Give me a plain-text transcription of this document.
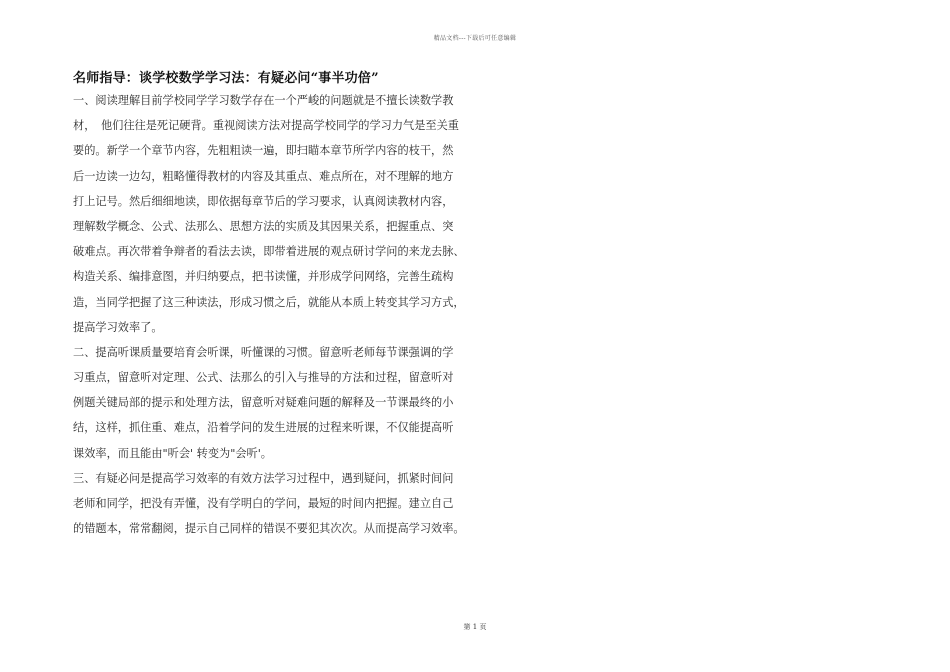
精品文档---下载后可任意编辑
名师指导：谈学校数学学习法：有疑必问“事半功倍”
一、阅读理解目前学校同学学习数学存在一个严峻的问题就是不擅长读数学教
材，　他们往往是死记硬背。重视阅读方法对提高学校同学的学习力气是至关重
要的。新学一个章节内容，先粗粗读一遍，即扫瞄本章节所学内容的枝干，然
后一边读一边勾，粗略懂得教材的内容及其重点、难点所在，对不理解的地方
打上记号。然后细细地读，即依据每章节后的学习要求，认真阅读教材内容，
理解数学概念、公式、法那么、思想方法的实质及其因果关系，把握重点、突
破难点。再次带着争辩者的看法去读，即带着进展的观点研讨学问的来龙去脉、
构造关系、编排意图，并归纳要点，把书读懂，并形成学问网络，完善生疏构
造，当同学把握了这三种读法，形成习惯之后，就能从本质上转变其学习方式，
提高学习效率了。
二、提高听课质量要培育会听课，听懂课的习惯。留意听老师每节课强调的学
习重点，留意听对定理、公式、法那么的引入与推导的方法和过程，留意听对
例题关键局部的提示和处理方法，留意听对疑难问题的解释及一节课最终的小
结，这样，抓住重、难点，沿着学问的发生进展的过程来听课，不仅能提高听
课效率，而且能由"听会' 转变为"会听'。
三、有疑必问是提高学习效率的有效方法学习过程中，遇到疑问，抓紧时间问
老师和同学，把没有弄懂，没有学明白的学问，最短的时间内把握。建立自己
的错题本，常常翻阅，提示自己同样的错误不要犯其次次。从而提高学习效率。
第 1 页
